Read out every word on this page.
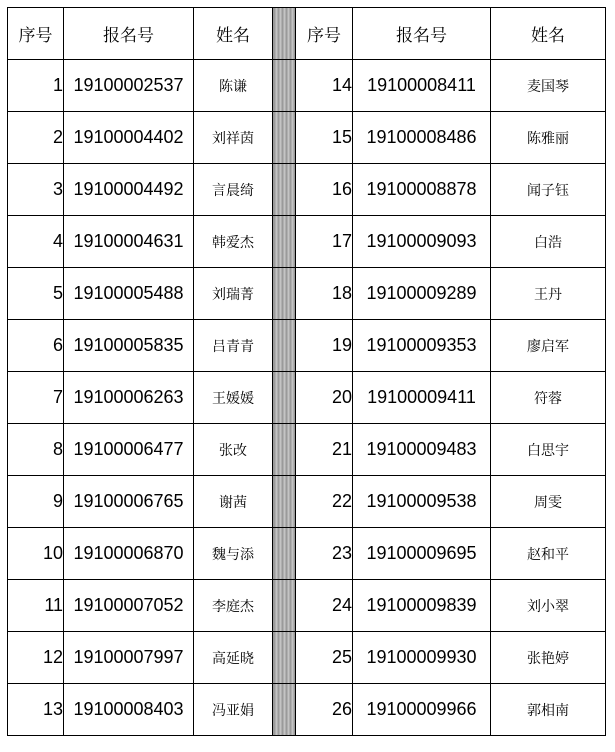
序号	报名号	姓名		序号	报名号	姓名
1	19100002537	陈谦		14	19100008411	麦国琴
2	19100004402	刘祥茵		15	19100008486	陈雅丽
3	19100004492	言晨绮		16	19100008878	闻子钰
4	19100004631	韩爱杰		17	19100009093	白浩
5	19100005488	刘瑞菁		18	19100009289	王丹
6	19100005835	吕青青		19	19100009353	廖启军
7	19100006263	王媛媛		20	19100009411	符蓉
8	19100006477	张改		21	19100009483	白思宇
9	19100006765	谢茜		22	19100009538	周雯
10	19100006870	魏与添		23	19100009695	赵和平
11	19100007052	李庭杰		24	19100009839	刘小翠
12	19100007997	高延晓		25	19100009930	张艳婷
13	19100008403	冯亚娟		26	19100009966	郭相南
